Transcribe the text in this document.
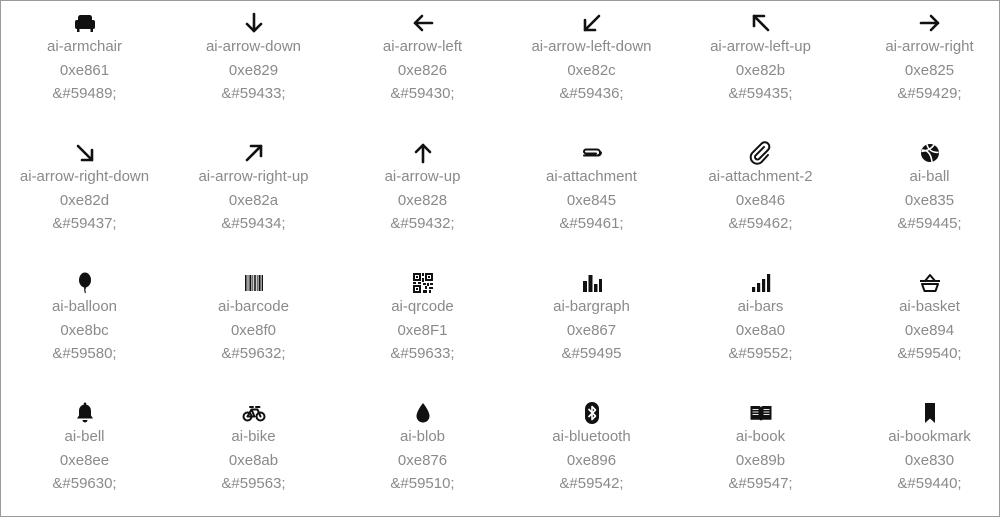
ai-armchair
0xe861
&#59489;
ai-arrow-down
0xe829
&#59433;
ai-arrow-left
0xe826
&#59430;
ai-arrow-left-down
0xe82c
&#59436;
ai-arrow-left-up
0xe82b
&#59435;
ai-arrow-right
0xe825
&#59429;
ai-arrow-right-down
0xe82d
&#59437;
ai-arrow-right-up
0xe82a
&#59434;
ai-arrow-up
0xe828
&#59432;
ai-attachment
0xe845
&#59461;
ai-attachment-2
0xe846
&#59462;
ai-ball
0xe835
&#59445;
ai-balloon
0xe8bc
&#59580;
ai-barcode
0xe8f0
&#59632;
ai-qrcode
0xe8F1
&#59633;
ai-bargraph
0xe867
&#59495
ai-bars
0xe8a0
&#59552;
ai-basket
0xe894
&#59540;
ai-bell
0xe8ee
&#59630;
ai-bike
0xe8ab
&#59563;
ai-blob
0xe876
&#59510;
ai-bluetooth
0xe896
&#59542;
ai-book
0xe89b
&#59547;
ai-bookmark
0xe830
&#59440;
